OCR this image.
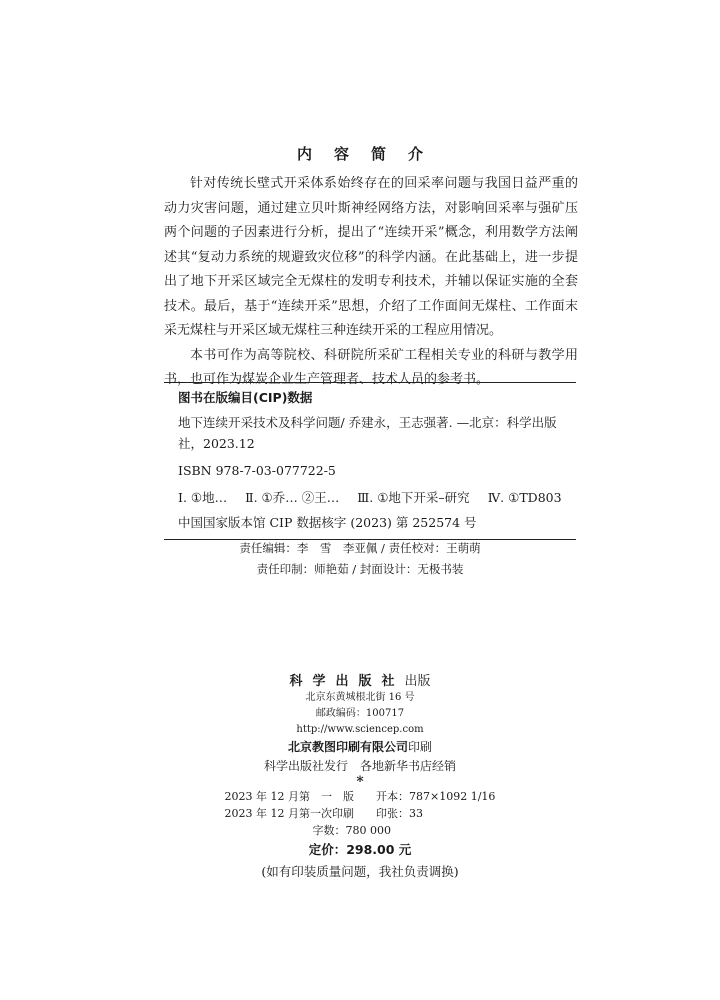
内容简介

针对传统长壁式开采体系始终存在的回采率问题与我国日益严重的动力灾害问题，通过建立贝叶斯神经网络方法，对影响回采率与强矿压两个问题的子因素进行分析，提出了“连续开采”概念，利用数学方法阐述其“复动力系统的规避致灾位移”的科学内涵。在此基础上，进一步提出了地下开采区域完全无煤柱的发明专利技术，并辅以保证实施的全套技术。最后，基于“连续开采”思想，介绍了工作面间无煤柱、工作面末采无煤柱与开采区域无煤柱三种连续开采的工程应用情况。

本书可作为高等院校、科研院所采矿工程相关专业的科研与教学用书，也可作为煤炭企业生产管理者、技术人员的参考书。

图书在版编目(CIP)数据
地下连续开采技术及科学问题/ 乔建永，王志强著. —北京：科学出版社，2023.12
ISBN 978-7-03-077722-5
Ⅰ. ①地… Ⅱ. ①乔… ②王… Ⅲ. ①地下开采–研究 Ⅳ. ①TD803
中国国家版本馆 CIP 数据核字 (2023) 第 252574 号
责任编辑：李　雪　李亚佩 / 责任校对：王萌萌
责任印制：师艳茹 / 封面设计：无极书装
科学出版社出版
北京东黄城根北街 16 号
邮政编码：100717
http://www.sciencep.com
北京教图印刷有限公司印刷
科学出版社发行　各地新华书店经销
*
2023 年 12 月第　一　版　　开本：787×1092 1/16
2023 年 12 月第一次印刷　　印张：33
字数：780 000
定价：298.00 元
(如有印装质量问题，我社负责调换)
